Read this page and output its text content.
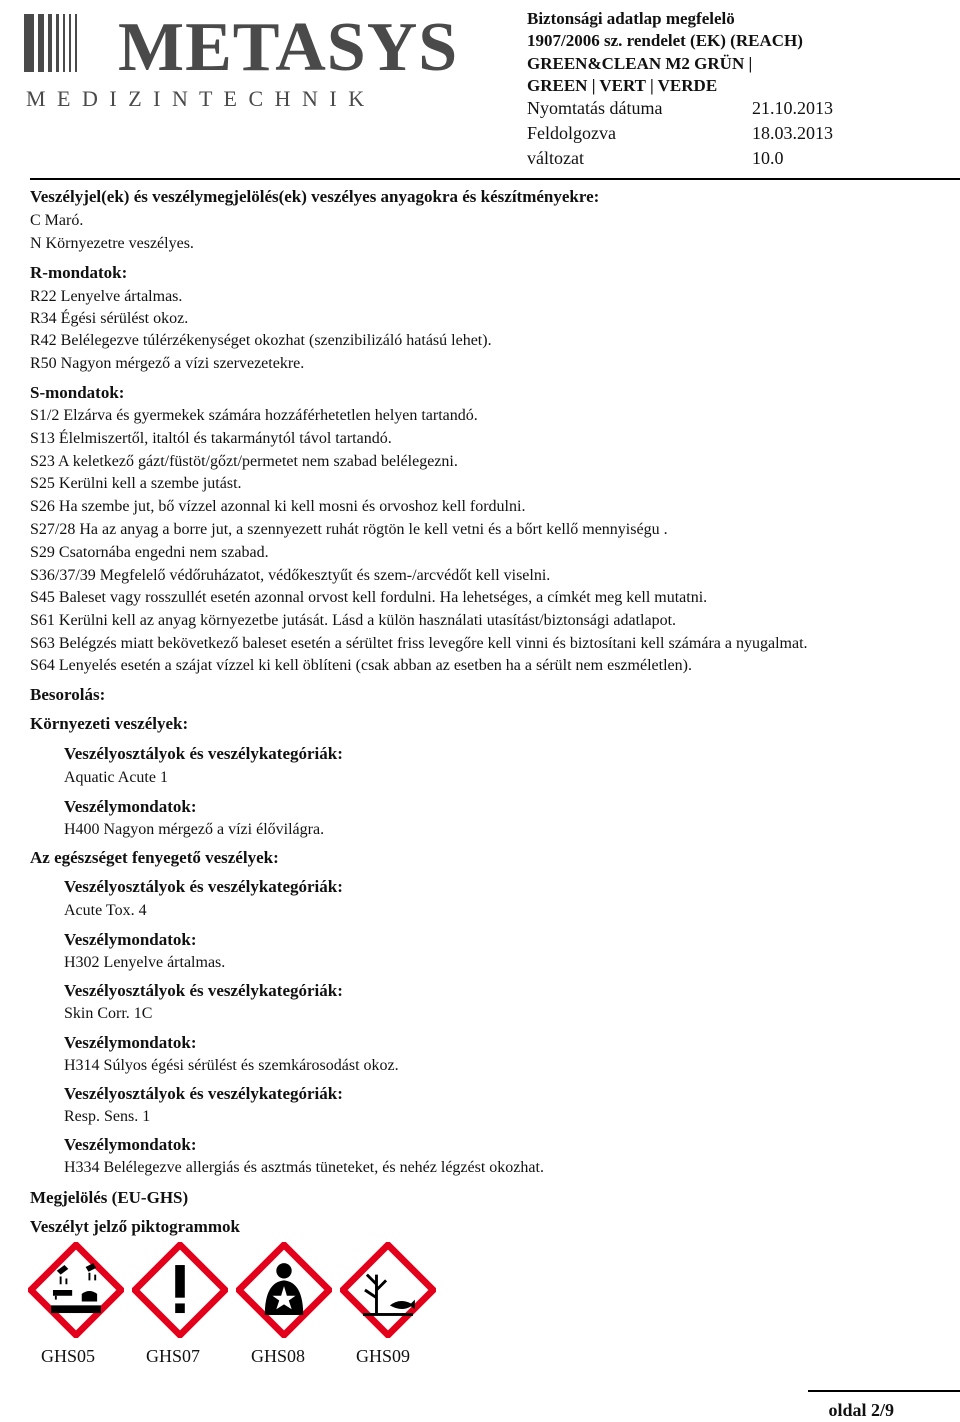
METASYS
M E D I Z I N T E C H N I K
Biztonsági adatlap megfelelö
1907/2006 sz. rendelet (EK) (REACH)
GREEN&CLEAN M2 GRÜN |
GREEN | VERT | VERDE
Nyomtatás dátuma	21.10.2013
Feldolgozva	18.03.2013
változat	10.0
Veszélyjel(ek) és veszélymegjelölés(ek) veszélyes anyagokra és készítményekre:
C Maró.
N Környezetre veszélyes.
R-mondatok:
R22 Lenyelve ártalmas.
R34 Égési sérülést okoz.
R42 Belélegezve túlérzékenységet okozhat (szenzibilizáló hatású lehet).
R50 Nagyon mérgező a vízi szervezetekre.
S-mondatok:
S1/2 Elzárva és gyermekek számára hozzáférhetetlen helyen tartandó.
S13 Élelmiszertől, italtól és takarmánytól távol tartandó.
S23 A keletkező gázt/füstöt/gőzt/permetet nem szabad belélegezni.
S25 Kerülni kell a szembe jutást.
S26 Ha szembe jut, bő vízzel azonnal ki kell mosni és orvoshoz kell fordulni.
S27/28 Ha az anyag a borre jut, a szennyezett ruhát rögtön le kell vetni és a bőrt kellő mennyiségu .
S29 Csatornába engedni nem szabad.
S36/37/39 Megfelelő védőruházatot, védőkesztyűt és szem-/arcvédőt kell viselni.
S45 Baleset vagy rosszullét esetén azonnal orvost kell fordulni. Ha lehetséges, a címkét meg kell mutatni.
S61 Kerülni kell az anyag környezetbe jutását. Lásd a külön használati utasítást/biztonsági adatlapot.
S63 Belégzés miatt bekövetkező baleset esetén a sérültet friss levegőre kell vinni és biztosítani kell számára a nyugalmat.
S64 Lenyelés esetén a szájat vízzel ki kell öblíteni (csak abban az esetben ha a sérült nem eszméletlen).
Besorolás:
Környezeti veszélyek:
Veszélyosztályok és veszélykategóriák:
Aquatic Acute 1
Veszélymondatok:
H400 Nagyon mérgező a vízi élővilágra.
Az egészséget fenyegető veszélyek:
Veszélyosztályok és veszélykategóriák:
Acute Tox. 4
Veszélymondatok:
H302 Lenyelve ártalmas.
Veszélyosztályok és veszélykategóriák:
Skin Corr. 1C
Veszélymondatok:
H314 Súlyos égési sérülést és szemkárosodást okoz.
Veszélyosztályok és veszélykategóriák:
Resp. Sens. 1
Veszélymondatok:
H334 Belélegezve allergiás és asztmás tüneteket, és nehéz légzést okozhat.
Megjelölés (EU-GHS)
Veszélyt jelző piktogrammok
GHS05	GHS07	GHS08	GHS09
oldal 2/9
